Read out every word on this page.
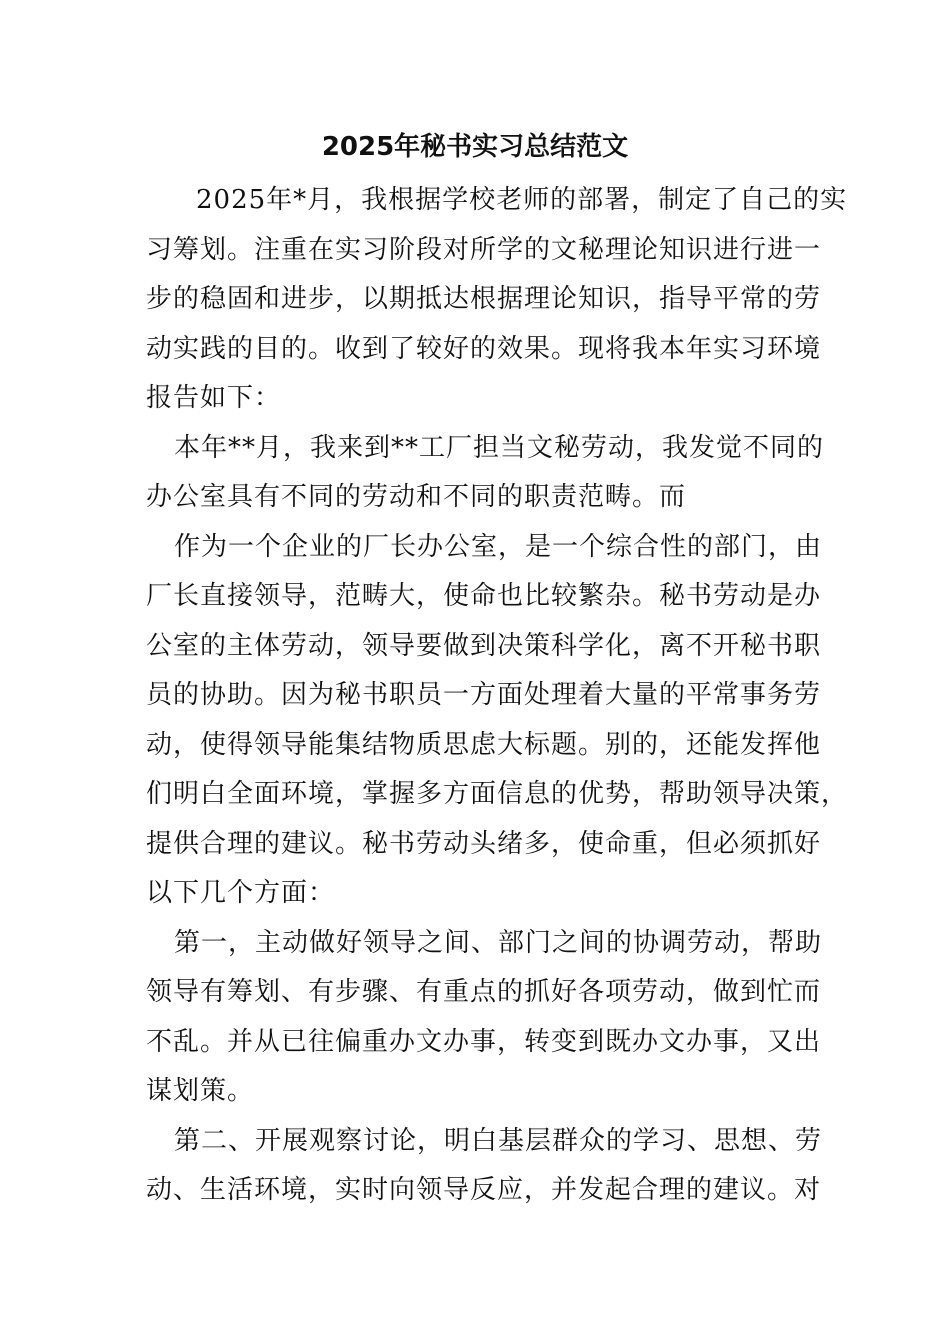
2025年秘书实习总结范文
2025年*月，我根据学校老师的部署，制定了自己的实
习筹划。注重在实习阶段对所学的文秘理论知识进行进一
步的稳固和进步，以期抵达根据理论知识，指导平常的劳
动实践的目的。收到了较好的效果。现将我本年实习环境
报告如下：
本年**月，我来到**工厂担当文秘劳动，我发觉不同的
办公室具有不同的劳动和不同的职责范畴。而
作为一个企业的厂长办公室，是一个综合性的部门，由
厂长直接领导，范畴大，使命也比较繁杂。秘书劳动是办
公室的主体劳动，领导要做到决策科学化，离不开秘书职
员的协助。因为秘书职员一方面处理着大量的平常事务劳
动，使得领导能集结物质思虑大标题。别的，还能发挥他
们明白全面环境，掌握多方面信息的优势，帮助领导决策，
提供合理的建议。秘书劳动头绪多，使命重，但必须抓好
以下几个方面：
第一，主动做好领导之间、部门之间的协调劳动，帮助
领导有筹划、有步骤、有重点的抓好各项劳动，做到忙而
不乱。并从已往偏重办文办事，转变到既办文办事，又出
谋划策。
第二、开展观察讨论，明白基层群众的学习、思想、劳
动、生活环境，实时向领导反应，并发起合理的建议。对
